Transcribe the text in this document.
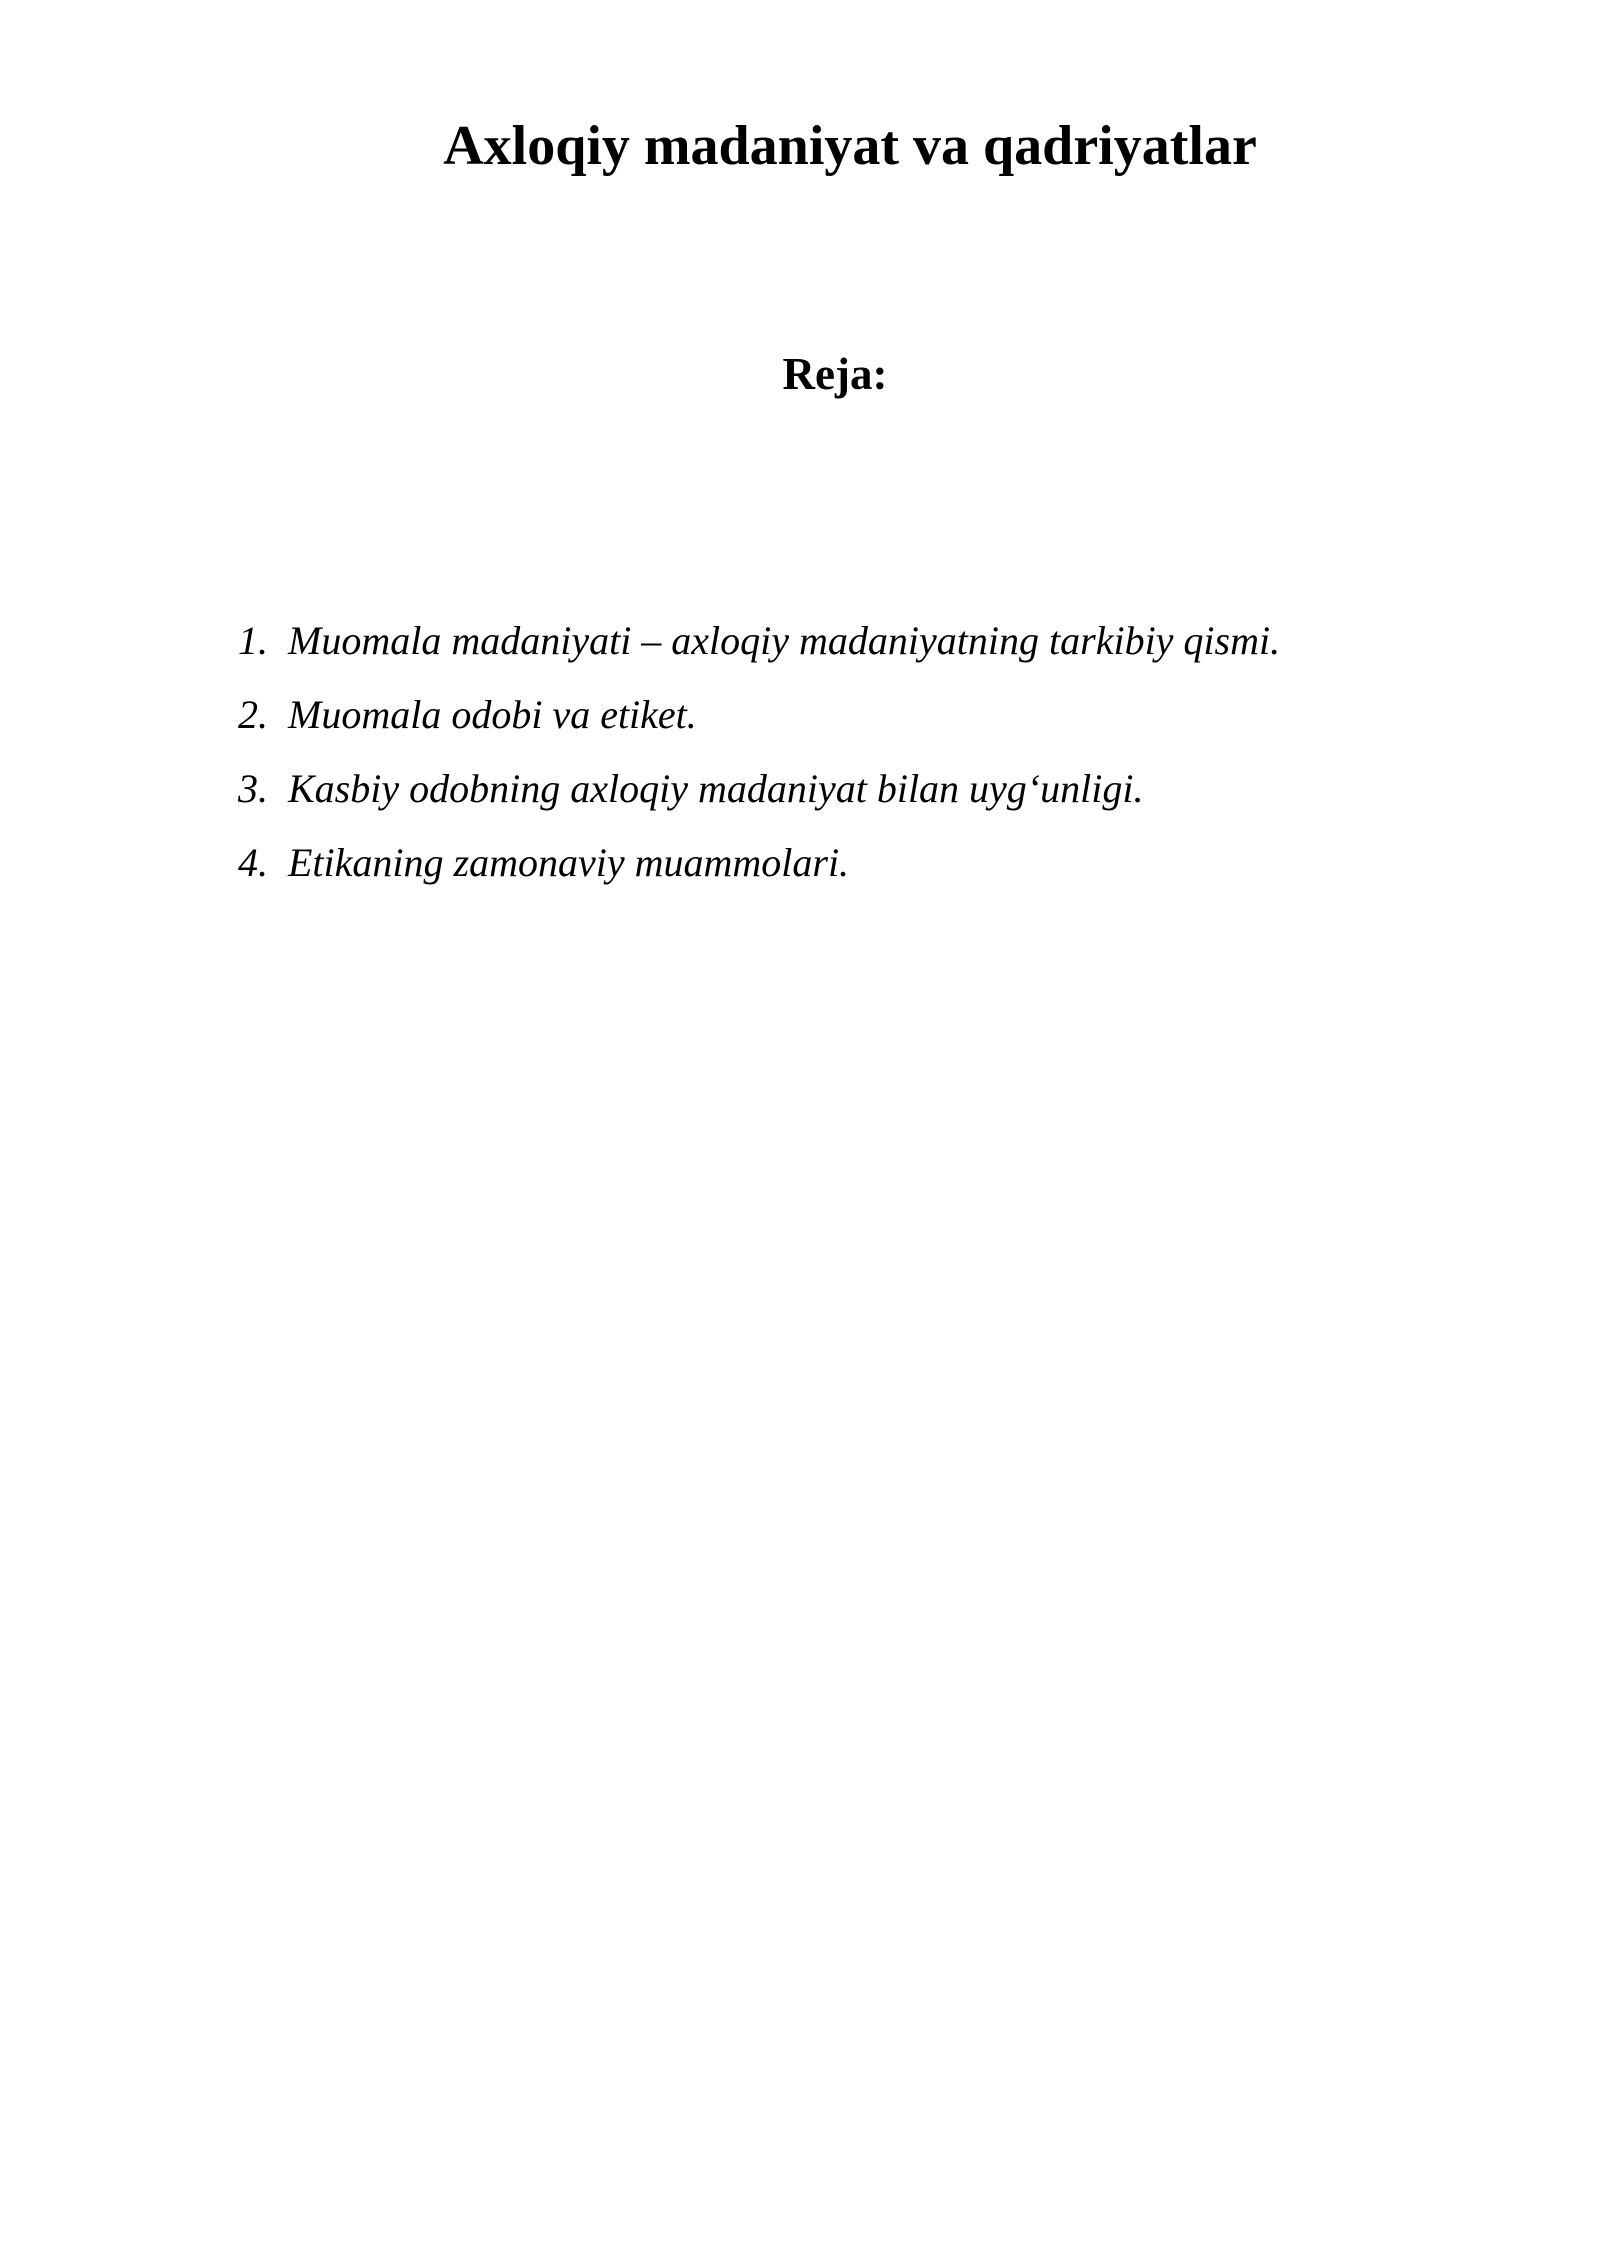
Axloqiy madaniyat va qadriyatlar
Reja:
1. Muomala madaniyati – axloqiy madaniyatning tarkibiy qismi.
2. Muomala odobi va etiket.
3. Kasbiy odobning axloqiy madaniyat bilan uyg‘unligi.
4. Etikaning zamonaviy muammolari.
